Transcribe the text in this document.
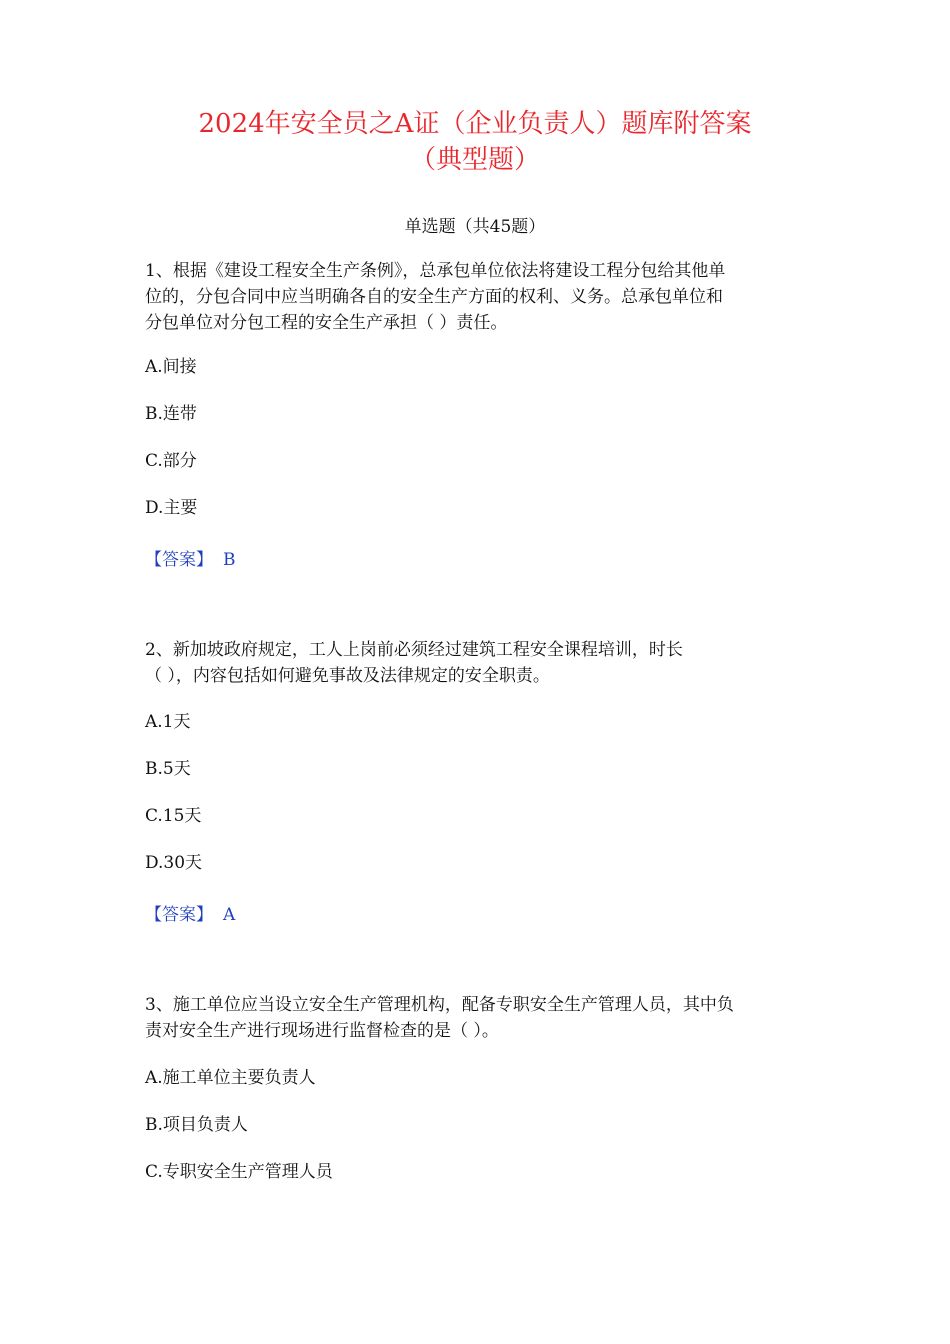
2024年安全员之A证（企业负责人）题库附答案
（典型题）
单选题（共45题）
1、根据《建设工程安全生产条例》，总承包单位依法将建设工程分包给其他单
位的，分包合同中应当明确各自的安全生产方面的权利、义务。总承包单位和
分包单位对分包工程的安全生产承担（ ）责任。
A.间接
B.连带
C.部分
D.主要
【答案】 B
2、新加坡政府规定，工人上岗前必须经过建筑工程安全课程培训，时长
（ ），内容包括如何避免事故及法律规定的安全职责。
A.1天
B.5天
C.15天
D.30天
【答案】 A
3、施工单位应当设立安全生产管理机构，配备专职安全生产管理人员，其中负
责对安全生产进行现场进行监督检查的是（ ）。
A.施工单位主要负责人
B.项目负责人
C.专职安全生产管理人员
